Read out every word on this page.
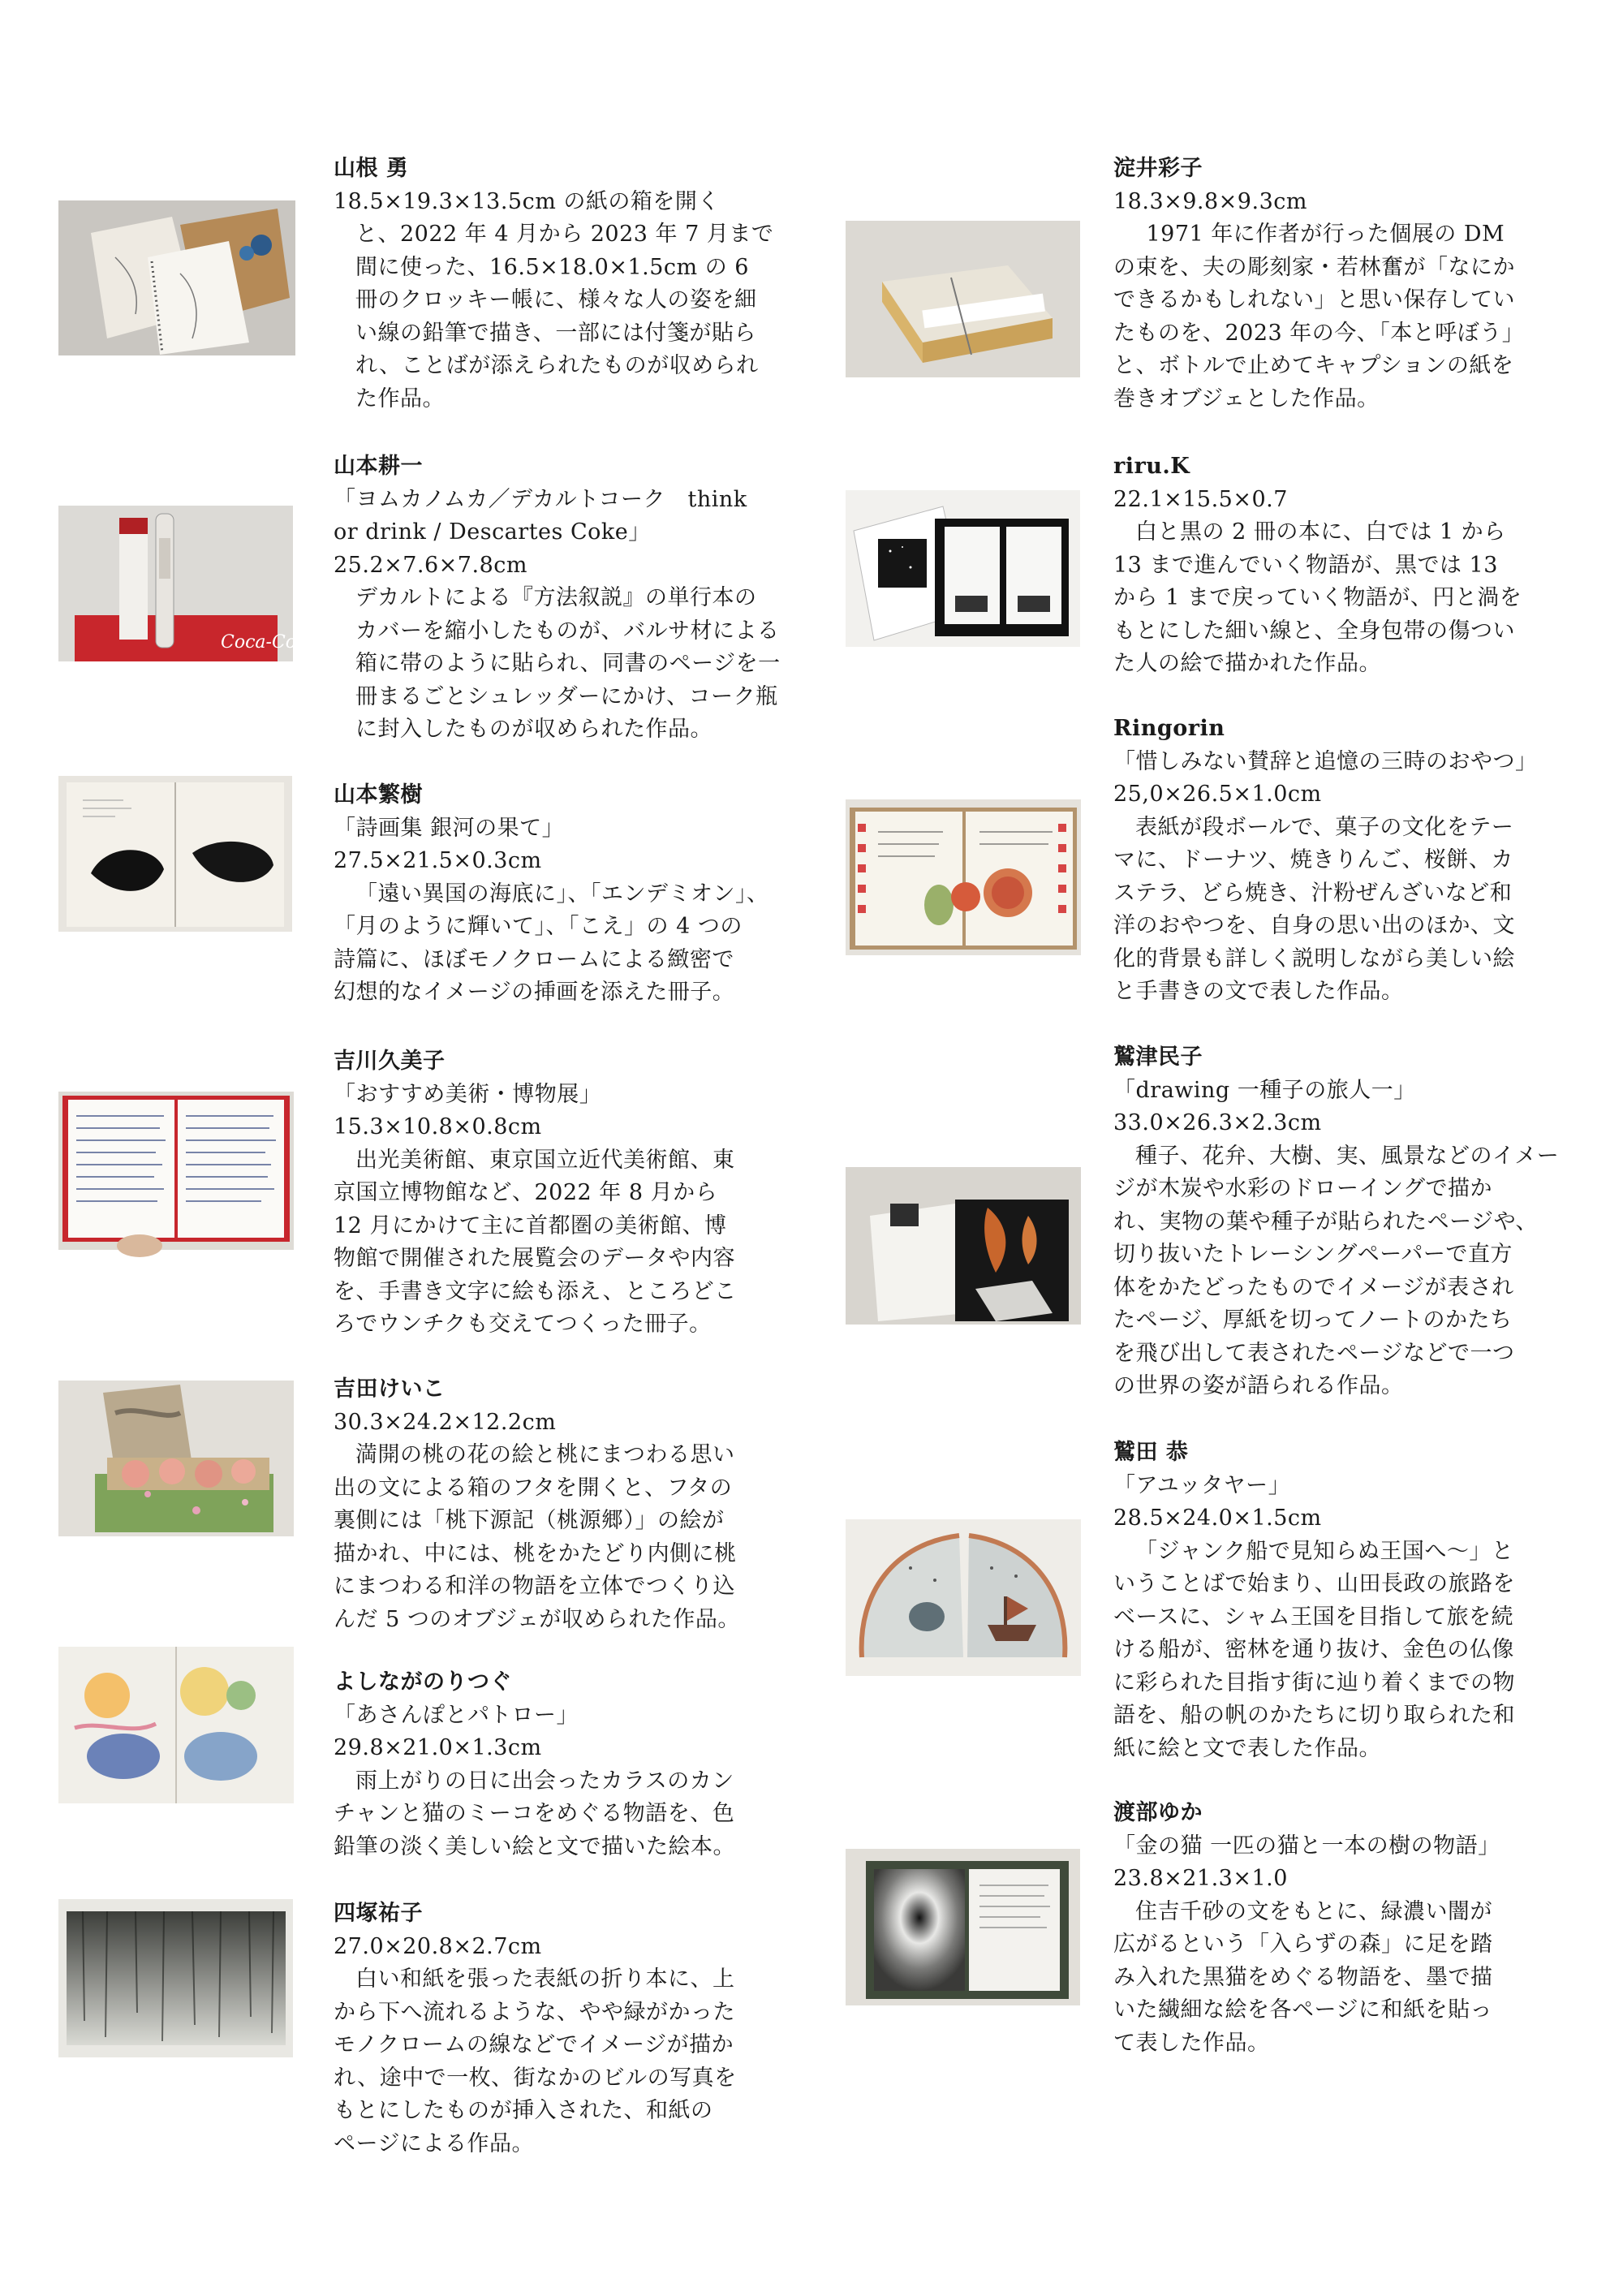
山根 勇
18.5×19.3×13.5cm の紙の箱を開く
と、2022 年 4 月から 2023 年 7 月まで
間に使った、16.5×18.0×1.5cm の 6
冊のクロッキー帳に、様々な人の姿を細
い線の鉛筆で描き、一部には付箋が貼ら
れ、ことばが添えられたものが収められ
た作品。
Coca-Cola
山本耕一
「ヨムカノムカ／デカルトコーク　think
or drink / Descartes Coke」
25.2×7.6×7.8cm
デカルトによる『方法叙説』の単行本の
カバーを縮小したものが、バルサ材による
箱に帯のように貼られ、同書のページを一
冊まるごとシュレッダーにかけ、コーク瓶
に封入したものが収められた作品。
山本繁樹
「詩画集 銀河の果て」
27.5×21.5×0.3cm
「遠い異国の海底に」、「エンデミオン」、
「月のように輝いて」、「こえ」の 4 つの
詩篇に、ほぼモノクロームによる緻密で
幻想的なイメージの挿画を添えた冊子。
吉川久美子
「おすすめ美術・博物展」
15.3×10.8×0.8cm
出光美術館、東京国立近代美術館、東
京国立博物館など、2022 年 8 月から
12 月にかけて主に首都圏の美術館、博
物館で開催された展覧会のデータや内容
を、手書き文字に絵も添え、ところどこ
ろでウンチクも交えてつくった冊子。
吉田けいこ
30.3×24.2×12.2cm
満開の桃の花の絵と桃にまつわる思い
出の文による箱のフタを開くと、フタの
裏側には「桃下源記（桃源郷）」の絵が
描かれ、中には、桃をかたどり内側に桃
にまつわる和洋の物語を立体でつくり込
んだ 5 つのオブジェが収められた作品。
よしながのりつぐ
「あさんぽとパトロー」
29.8×21.0×1.3cm
雨上がりの日に出会ったカラスのカン
チャンと猫のミーコをめぐる物語を、色
鉛筆の淡く美しい絵と文で描いた絵本。
四塚祐子
27.0×20.8×2.7cm
白い和紙を張った表紙の折り本に、上
から下へ流れるような、やや緑がかった
モノクロームの線などでイメージが描か
れ、途中で一枚、街なかのビルの写真を
もとにしたものが挿入された、和紙の
ページによる作品。
淀井彩子
18.3×9.8×9.3cm
1971 年に作者が行った個展の DM
の束を、夫の彫刻家・若林奮が「なにか
できるかもしれない」と思い保存してい
たものを、2023 年の今、「本と呼ぼう」
と、ボトルで止めてキャプションの紙を
巻きオブジェとした作品。
riru.K
22.1×15.5×0.7
白と黒の 2 冊の本に、白では 1 から
13 まで進んでいく物語が、黒では 13
から 1 まで戻っていく物語が、円と渦を
もとにした細い線と、全身包帯の傷つい
た人の絵で描かれた作品。
Ringorin
「惜しみない賛辞と追憶の三時のおやつ」
25,0×26.5×1.0cm
表紙が段ボールで、菓子の文化をテー
マに、ドーナツ、焼きりんご、桜餅、カ
ステラ、どら焼き、汁粉ぜんざいなど和
洋のおやつを、自身の思い出のほか、文
化的背景も詳しく説明しながら美しい絵
と手書きの文で表した作品。
鷲津民子
「drawing 一種子の旅人一」
33.0×26.3×2.3cm
種子、花弁、大樹、実、風景などのイメー
ジが木炭や水彩のドローイングで描か
れ、実物の葉や種子が貼られたページや、
切り抜いたトレーシングペーパーで直方
体をかたどったものでイメージが表され
たページ、厚紙を切ってノートのかたち
を飛び出して表されたページなどで一つ
の世界の姿が語られる作品。
鷲田 恭
「アユッタヤー」
28.5×24.0×1.5cm
「ジャンク船で見知らぬ王国へ～」と
いうことばで始まり、山田長政の旅路を
ベースに、シャム王国を目指して旅を続
ける船が、密林を通り抜け、金色の仏像
に彩られた目指す街に辿り着くまでの物
語を、船の帆のかたちに切り取られた和
紙に絵と文で表した作品。
渡部ゆか
「金の猫 一匹の猫と一本の樹の物語」
23.8×21.3×1.0
住吉千砂の文をもとに、緑濃い闇が
広がるという「入らずの森」に足を踏
み入れた黒猫をめぐる物語を、墨で描
いた繊細な絵を各ページに和紙を貼っ
て表した作品。
